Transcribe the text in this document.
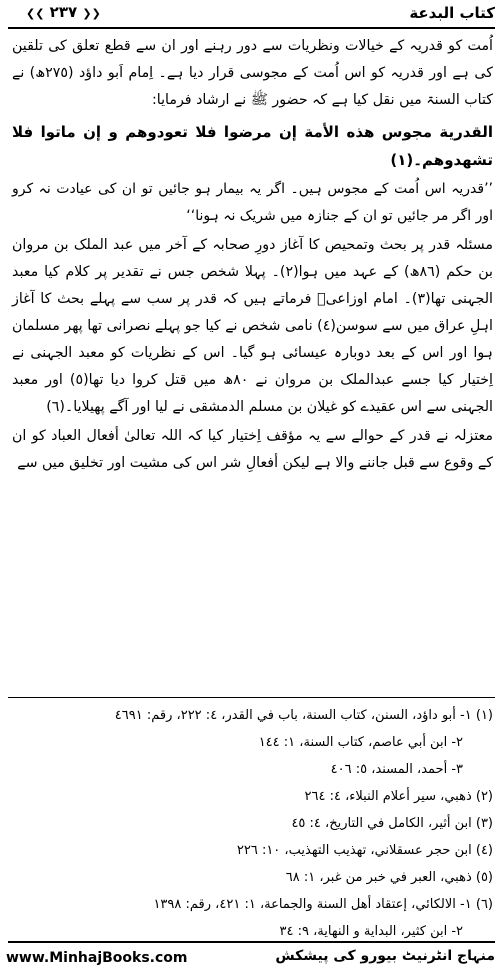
كتاب البدعة
❮❮ ٢٣٧ ❯❯

اُمت کو قدریہ کے خیالات ونظریات سے دور رہنے اور ان سے قطع تعلق کی تلقین کی ہے اور قدریہ کو اس اُمت کے مجوسی قرار دیا ہے۔ اِمام اَبو داؤد (٢٧٥ھ) نے کتاب السنۃ میں نقل کیا ہے کہ حضور ﷺ نے ارشاد فرمایا:

القدرية مجوس هذه الأمة إن مرضوا فلا تعودوهم و إن ماتوا فلا تشهدوهم۔(١)

’’قدریہ اس اُمت کے مجوس ہیں۔ اگر یہ بیمار ہو جائیں تو ان کی عیادت نہ کرو اور اگر مر جائیں تو ان کے جنازہ میں شریک نہ ہونا‘‘

مسئلہ قدر پر بحث وتمحیص کا آغاز دورِ صحابہ کے آخر میں عبد الملک بن مروان بن حکم (٨٦ھ) کے عہد میں ہوا(٢)۔ پہلا شخص جس نے تقدیر پر کلام کیا معبد الجہنی تھا(٣)۔ امام اوزاعیؒ فرماتے ہیں کہ قدر پر سب سے پہلے بحث کا آغاز اہلِ عراق میں سے سوسن(٤) نامی شخص نے کیا جو پہلے نصرانی تھا پھر مسلمان ہوا اور اس کے بعد دوبارہ عیسائی ہو گیا۔ اس کے نظریات کو معبد الجہنی نے اِختیار کیا جسے عبدالملک بن مروان نے ٨٠ھ میں قتل کروا دیا تھا(٥) اور معبد الجہنی سے اس عقیدے کو غیلان بن مسلم الدمشقی نے لیا اور آگے پھیلایا۔(٦)

معتزلہ نے قدر کے حوالے سے یہ مؤقف اِختیار کیا کہ اللہ تعالیٰ أفعال العباد کو ان کے وقوع سے قبل جاننے والا ہے لیکن أفعالِ شر اس کی مشیت اور تخلیق میں سے

(١) ١- أبو داؤد، السنن، كتاب السنة، باب في القدر، ٤: ٢٢٢، رقم: ٤٦٩١

٢- ابن أبي عاصم، كتاب السنة، ١: ١٤٤

٣- أحمد، المسند، ٥: ٤٠٦

(٢) ذهبي، سير أعلام النبلاء، ٤: ٢٦٤

(٣) ابن أثير، الكامل في التاريخ، ٤: ٤٥

(٤) ابن حجر عسقلاني، تهذيب التهذيب، ١٠: ٢٢٦

(٥) ذهبي، العبر في خبر من غبر، ١: ٦٨

(٦) ١- الالكائي، إعتقاد أهل السنة والجماعة، ١: ٤٢١، رقم: ١٣٩٨

٢- ابن كثير، البداية و النهاية، ٩: ٣٤

www.MinhajBooks.com	منہاج انٹرنیٹ بیورو کی پیشکش
